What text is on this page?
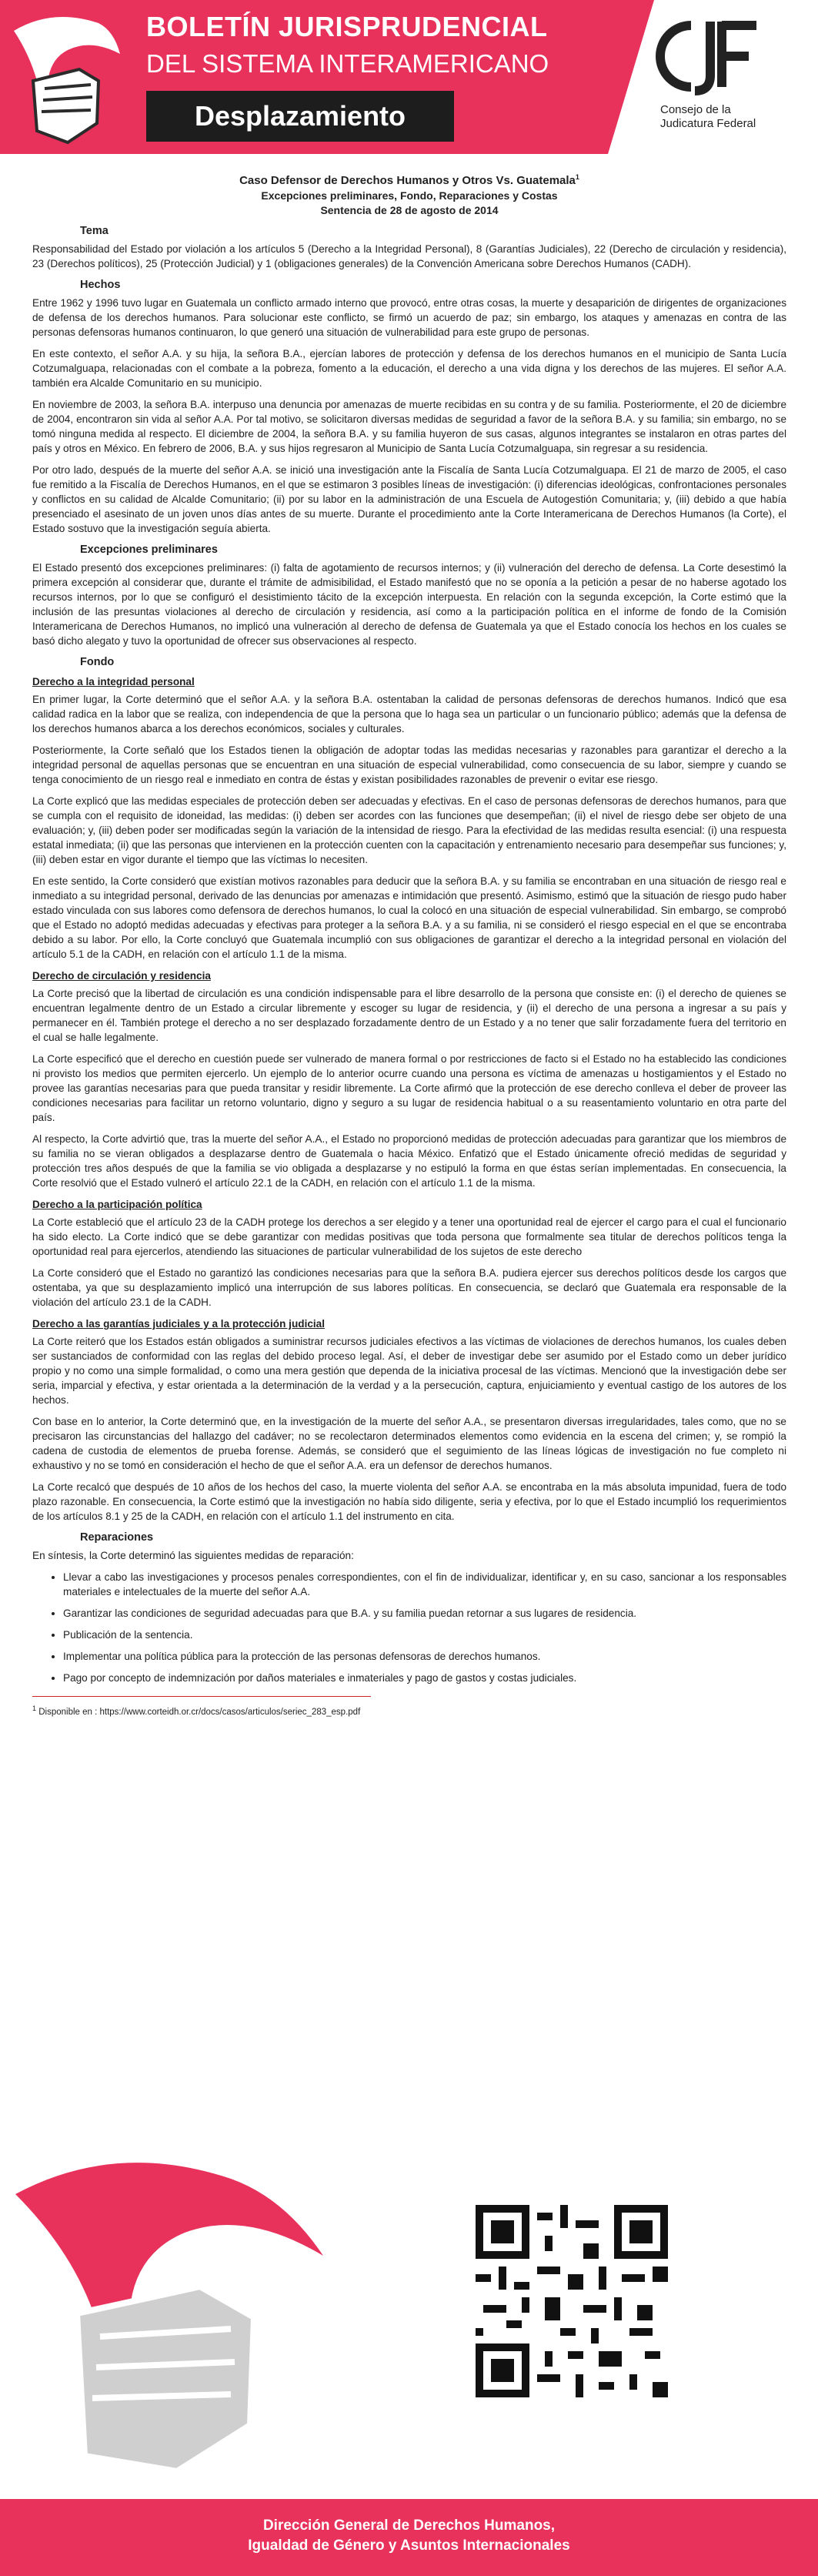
BOLETÍN JURISPRUDENCIAL
DEL SISTEMA INTERAMERICANO
Desplazamiento	Consejo de la Judicatura Federal

Caso Defensor de Derechos Humanos y Otros Vs. Guatemala$^1$

Excepciones preliminares, Fondo, Reparaciones y Costas

Sentencia de 28 de agosto de 2014

Tema

Responsabilidad del Estado por violación a los artículos 5 (Derecho a la Integridad Personal), 8 (Garantías Judiciales), 22 (Derecho de circulación y residencia), 23 (Derechos políticos), 25 (Protección Judicial) y 1 (obligaciones generales) de la Convención Americana sobre Derechos Humanos (CADH).

Hechos

Entre 1962 y 1996 tuvo lugar en Guatemala un conflicto armado interno que provocó, entre otras cosas, la muerte y desaparición de dirigentes de organizaciones de defensa de los derechos humanos. Para solucionar este conflicto, se firmó un acuerdo de paz; sin embargo, los ataques y amenazas en contra de las personas defensoras humanos continuaron, lo que generó una situación de vulnerabilidad para este grupo de personas.

En este contexto, el señor A.A. y su hija, la señora B.A., ejercían labores de protección y defensa de los derechos humanos en el municipio de Santa Lucía Cotzumalguapa, relacionadas con el combate a la pobreza, fomento a la educación, el derecho a una vida digna y los derechos de las mujeres. El señor A.A. también era Alcalde Comunitario en su municipio.

En noviembre de 2003, la señora B.A. interpuso una denuncia por amenazas de muerte recibidas en su contra y de su familia. Posteriormente, el 20 de diciembre de 2004, encontraron sin vida al señor A.A. Por tal motivo, se solicitaron diversas medidas de seguridad a favor de la señora B.A. y su familia; sin embargo, no se tomó ninguna medida al respecto. El diciembre de 2004, la señora B.A. y su familia huyeron de sus casas, algunos integrantes se instalaron en otras partes del país y otros en México. En febrero de 2006, B.A. y sus hijos regresaron al Municipio de Santa Lucía Cotzumalguapa, sin regresar a su residencia.

Por otro lado, después de la muerte del señor A.A. se inició una investigación ante la Fiscalía de Santa Lucía Cotzumalguapa. El 21 de marzo de 2005, el caso fue remitido a la Fiscalía de Derechos Humanos, en el que se estimaron 3 posibles líneas de investigación: (i) diferencias ideológicas, confrontaciones personales y conflictos en su calidad de Alcalde Comunitario; (ii) por su labor en la administración de una Escuela de Autogestión Comunitaria; y, (iii) debido a que había presenciado el asesinato de un joven unos días antes de su muerte. Durante el procedimiento ante la Corte Interamericana de Derechos Humanos (la Corte), el Estado sostuvo que la investigación seguía abierta.

Excepciones preliminares

El Estado presentó dos excepciones preliminares: (i) falta de agotamiento de recursos internos; y (ii) vulneración del derecho de defensa. La Corte desestimó la primera excepción al considerar que, durante el trámite de admisibilidad, el Estado manifestó que no se oponía a la petición a pesar de no haberse agotado los recursos internos, por lo que se configuró el desistimiento tácito de la excepción interpuesta. En relación con la segunda excepción, la Corte estimó que la inclusión de las presuntas violaciones al derecho de circulación y residencia, así como a la participación política en el informe de fondo de la Comisión Interamericana de Derechos Humanos, no implicó una vulneración al derecho de defensa de Guatemala ya que el Estado conocía los hechos en los cuales se basó dicho alegato y tuvo la oportunidad de ofrecer sus observaciones al respecto.

Fondo
Derecho a la integridad personal

En primer lugar, la Corte determinó que el señor A.A. y la señora B.A. ostentaban la calidad de personas defensoras de derechos humanos. Indicó que esa calidad radica en la labor que se realiza, con independencia de que la persona que lo haga sea un particular o un funcionario público; además que la defensa de los derechos humanos abarca a los derechos económicos, sociales y culturales.

Posteriormente, la Corte señaló que los Estados tienen la obligación de adoptar todas las medidas necesarias y razonables para garantizar el derecho a la integridad personal de aquellas personas que se encuentran en una situación de especial vulnerabilidad, como consecuencia de su labor, siempre y cuando se tenga conocimiento de un riesgo real e inmediato en contra de éstas y existan posibilidades razonables de prevenir o evitar ese riesgo.

La Corte explicó que las medidas especiales de protección deben ser adecuadas y efectivas. En el caso de personas defensoras de derechos humanos, para que se cumpla con el requisito de idoneidad, las medidas: (i) deben ser acordes con las funciones que desempeñan; (ii) el nivel de riesgo debe ser objeto de una evaluación; y, (iii) deben poder ser modificadas según la variación de la intensidad de riesgo. Para la efectividad de las medidas resulta esencial: (i) una respuesta estatal inmediata; (ii) que las personas que intervienen en la protección cuenten con la capacitación y entrenamiento necesario para desempeñar sus funciones; y, (iii) deben estar en vigor durante el tiempo que las víctimas lo necesiten.

En este sentido, la Corte consideró que existían motivos razonables para deducir que la señora B.A. y su familia se encontraban en una situación de riesgo real e inmediato a su integridad personal, derivado de las denuncias por amenazas e intimidación que presentó. Asimismo, estimó que la situación de riesgo pudo haber estado vinculada con sus labores como defensora de derechos humanos, lo cual la colocó en una situación de especial vulnerabilidad. Sin embargo, se comprobó que el Estado no adoptó medidas adecuadas y efectivas para proteger a la señora B.A. y a su familia, ni se consideró el riesgo especial en el que se encontraba debido a su labor. Por ello, la Corte concluyó que Guatemala incumplió con sus obligaciones de garantizar el derecho a la integridad personal en violación del artículo 5.1 de la CADH, en relación con el artículo 1.1 de la misma.

Derecho de circulación y residencia

La Corte precisó que la libertad de circulación es una condición indispensable para el libre desarrollo de la persona que consiste en: (i) el derecho de quienes se encuentran legalmente dentro de un Estado a circular libremente y escoger su lugar de residencia, y (ii) el derecho de una persona a ingresar a su país y permanecer en él. También protege el derecho a no ser desplazado forzadamente dentro de un Estado y a no tener que salir forzadamente fuera del territorio en el cual se halle legalmente.

La Corte especificó que el derecho en cuestión puede ser vulnerado de manera formal o por restricciones de facto si el Estado no ha establecido las condiciones ni provisto los medios que permiten ejercerlo. Un ejemplo de lo anterior ocurre cuando una persona es víctima de amenazas u hostigamientos y el Estado no provee las garantías necesarias para que pueda transitar y residir libremente. La Corte afirmó que la protección de ese derecho conlleva el deber de proveer las condiciones necesarias para facilitar un retorno voluntario, digno y seguro a su lugar de residencia habitual o a su reasentamiento voluntario en otra parte del país.

Al respecto, la Corte advirtió que, tras la muerte del señor A.A., el Estado no proporcionó medidas de protección adecuadas para garantizar que los miembros de su familia no se vieran obligados a desplazarse dentro de Guatemala o hacia México. Enfatizó que el Estado únicamente ofreció medidas de seguridad y protección tres años después de que la familia se vio obligada a desplazarse y no estipuló la forma en que éstas serían implementadas. En consecuencia, la Corte resolvió que el Estado vulneró el artículo 22.1 de la CADH, en relación con el artículo 1.1 de la misma.

Derecho a la participación política

La Corte estableció que el artículo 23 de la CADH protege los derechos a ser elegido y a tener una oportunidad real de ejercer el cargo para el cual el funcionario ha sido electo. La Corte indicó que se debe garantizar con medidas positivas que toda persona que formalmente sea titular de derechos políticos tenga la oportunidad real para ejercerlos, atendiendo las situaciones de particular vulnerabilidad de los sujetos de este derecho

La Corte consideró que el Estado no garantizó las condiciones necesarias para que la señora B.A. pudiera ejercer sus derechos políticos desde los cargos que ostentaba, ya que su desplazamiento implicó una interrupción de sus labores políticas. En consecuencia, se declaró que Guatemala era responsable de la violación del artículo 23.1 de la CADH.

Derecho a las garantías judiciales y a la protección judicial

La Corte reiteró que los Estados están obligados a suministrar recursos judiciales efectivos a las víctimas de violaciones de derechos humanos, los cuales deben ser sustanciados de conformidad con las reglas del debido proceso legal. Así, el deber de investigar debe ser asumido por el Estado como un deber jurídico propio y no como una simple formalidad, o como una mera gestión que dependa de la iniciativa procesal de las víctimas. Mencionó que la investigación debe ser seria, imparcial y efectiva, y estar orientada a la determinación de la verdad y a la persecución, captura, enjuiciamiento y eventual castigo de los autores de los hechos.

Con base en lo anterior, la Corte determinó que, en la investigación de la muerte del señor A.A., se presentaron diversas irregularidades, tales como, que no se precisaron las circunstancias del hallazgo del cadáver; no se recolectaron determinados elementos como evidencia en la escena del crimen; y, se rompió la cadena de custodia de elementos de prueba forense. Además, se consideró que el seguimiento de las líneas lógicas de investigación no fue completo ni exhaustivo y no se tomó en consideración el hecho de que el señor A.A. era un defensor de derechos humanos.

La Corte recalcó que después de 10 años de los hechos del caso, la muerte violenta del señor A.A. se encontraba en la más absoluta impunidad, fuera de todo plazo razonable. En consecuencia, la Corte estimó que la investigación no había sido diligente, seria y efectiva, por lo que el Estado incumplió los requerimientos de los artículos 8.1 y 25 de la CADH, en relación con el artículo 1.1 del instrumento en cita.

Reparaciones

En síntesis, la Corte determinó las siguientes medidas de reparación:

• Llevar a cabo las investigaciones y procesos penales correspondientes, con el fin de individualizar, identificar y, en su caso, sancionar a los responsables materiales e intelectuales de la muerte del señor A.A.
• Garantizar las condiciones de seguridad adecuadas para que B.A. y su familia puedan retornar a sus lugares de residencia.
• Publicación de la sentencia.
• Implementar una política pública para la protección de las personas defensoras de derechos humanos.
• Pago por concepto de indemnización por daños materiales e inmateriales y pago de gastos y costas judiciales.
$^1$ Disponible en : https://www.corteidh.or.cr/docs/casos/articulos/seriec_283_esp.pdf
Dirección General de Derechos Humanos,
Igualdad de Género y Asuntos Internacionales
